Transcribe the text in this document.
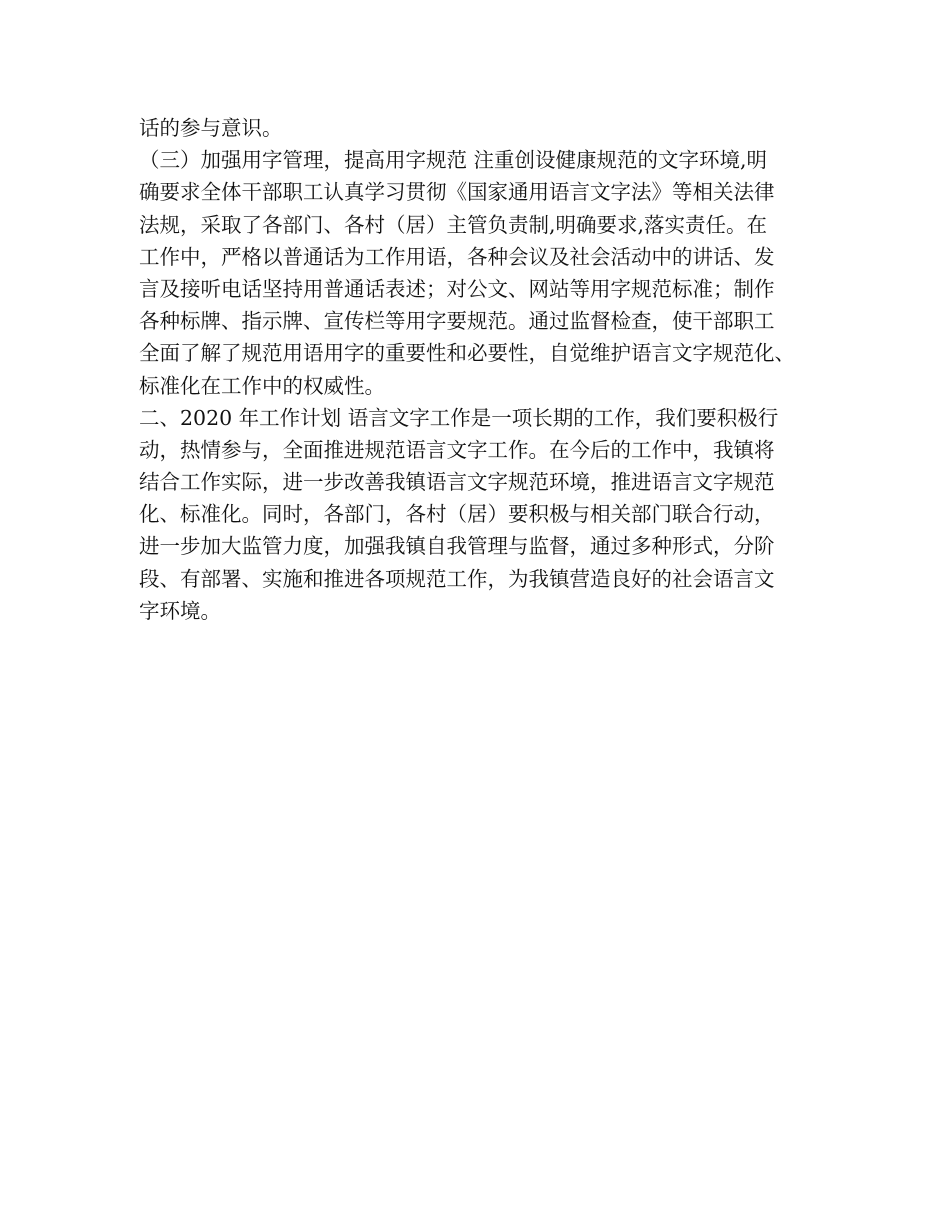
话的参与意识。
（三）加强用字管理，提高用字规范 注重创设健康规范的文字环境,明
确要求全体干部职工认真学习贯彻《国家通用语言文字法》等相关法律
法规，采取了各部门、各村（居）主管负责制,明确要求,落实责任。在
工作中，严格以普通话为工作用语，各种会议及社会活动中的讲话、发
言及接听电话坚持用普通话表述；对公文、网站等用字规范标准；制作
各种标牌、指示牌、宣传栏等用字要规范。通过监督检查，使干部职工
全面了解了规范用语用字的重要性和必要性，自觉维护语言文字规范化、
标准化在工作中的权威性。
二、2020 年工作计划 语言文字工作是一项长期的工作，我们要积极行
动，热情参与，全面推进规范语言文字工作。在今后的工作中，我镇将
结合工作实际，进一步改善我镇语言文字规范环境，推进语言文字规范
化、标准化。同时，各部门，各村（居）要积极与相关部门联合行动，
进一步加大监管力度，加强我镇自我管理与监督，通过多种形式，分阶
段、有部署、实施和推进各项规范工作，为我镇营造良好的社会语言文
字环境。
